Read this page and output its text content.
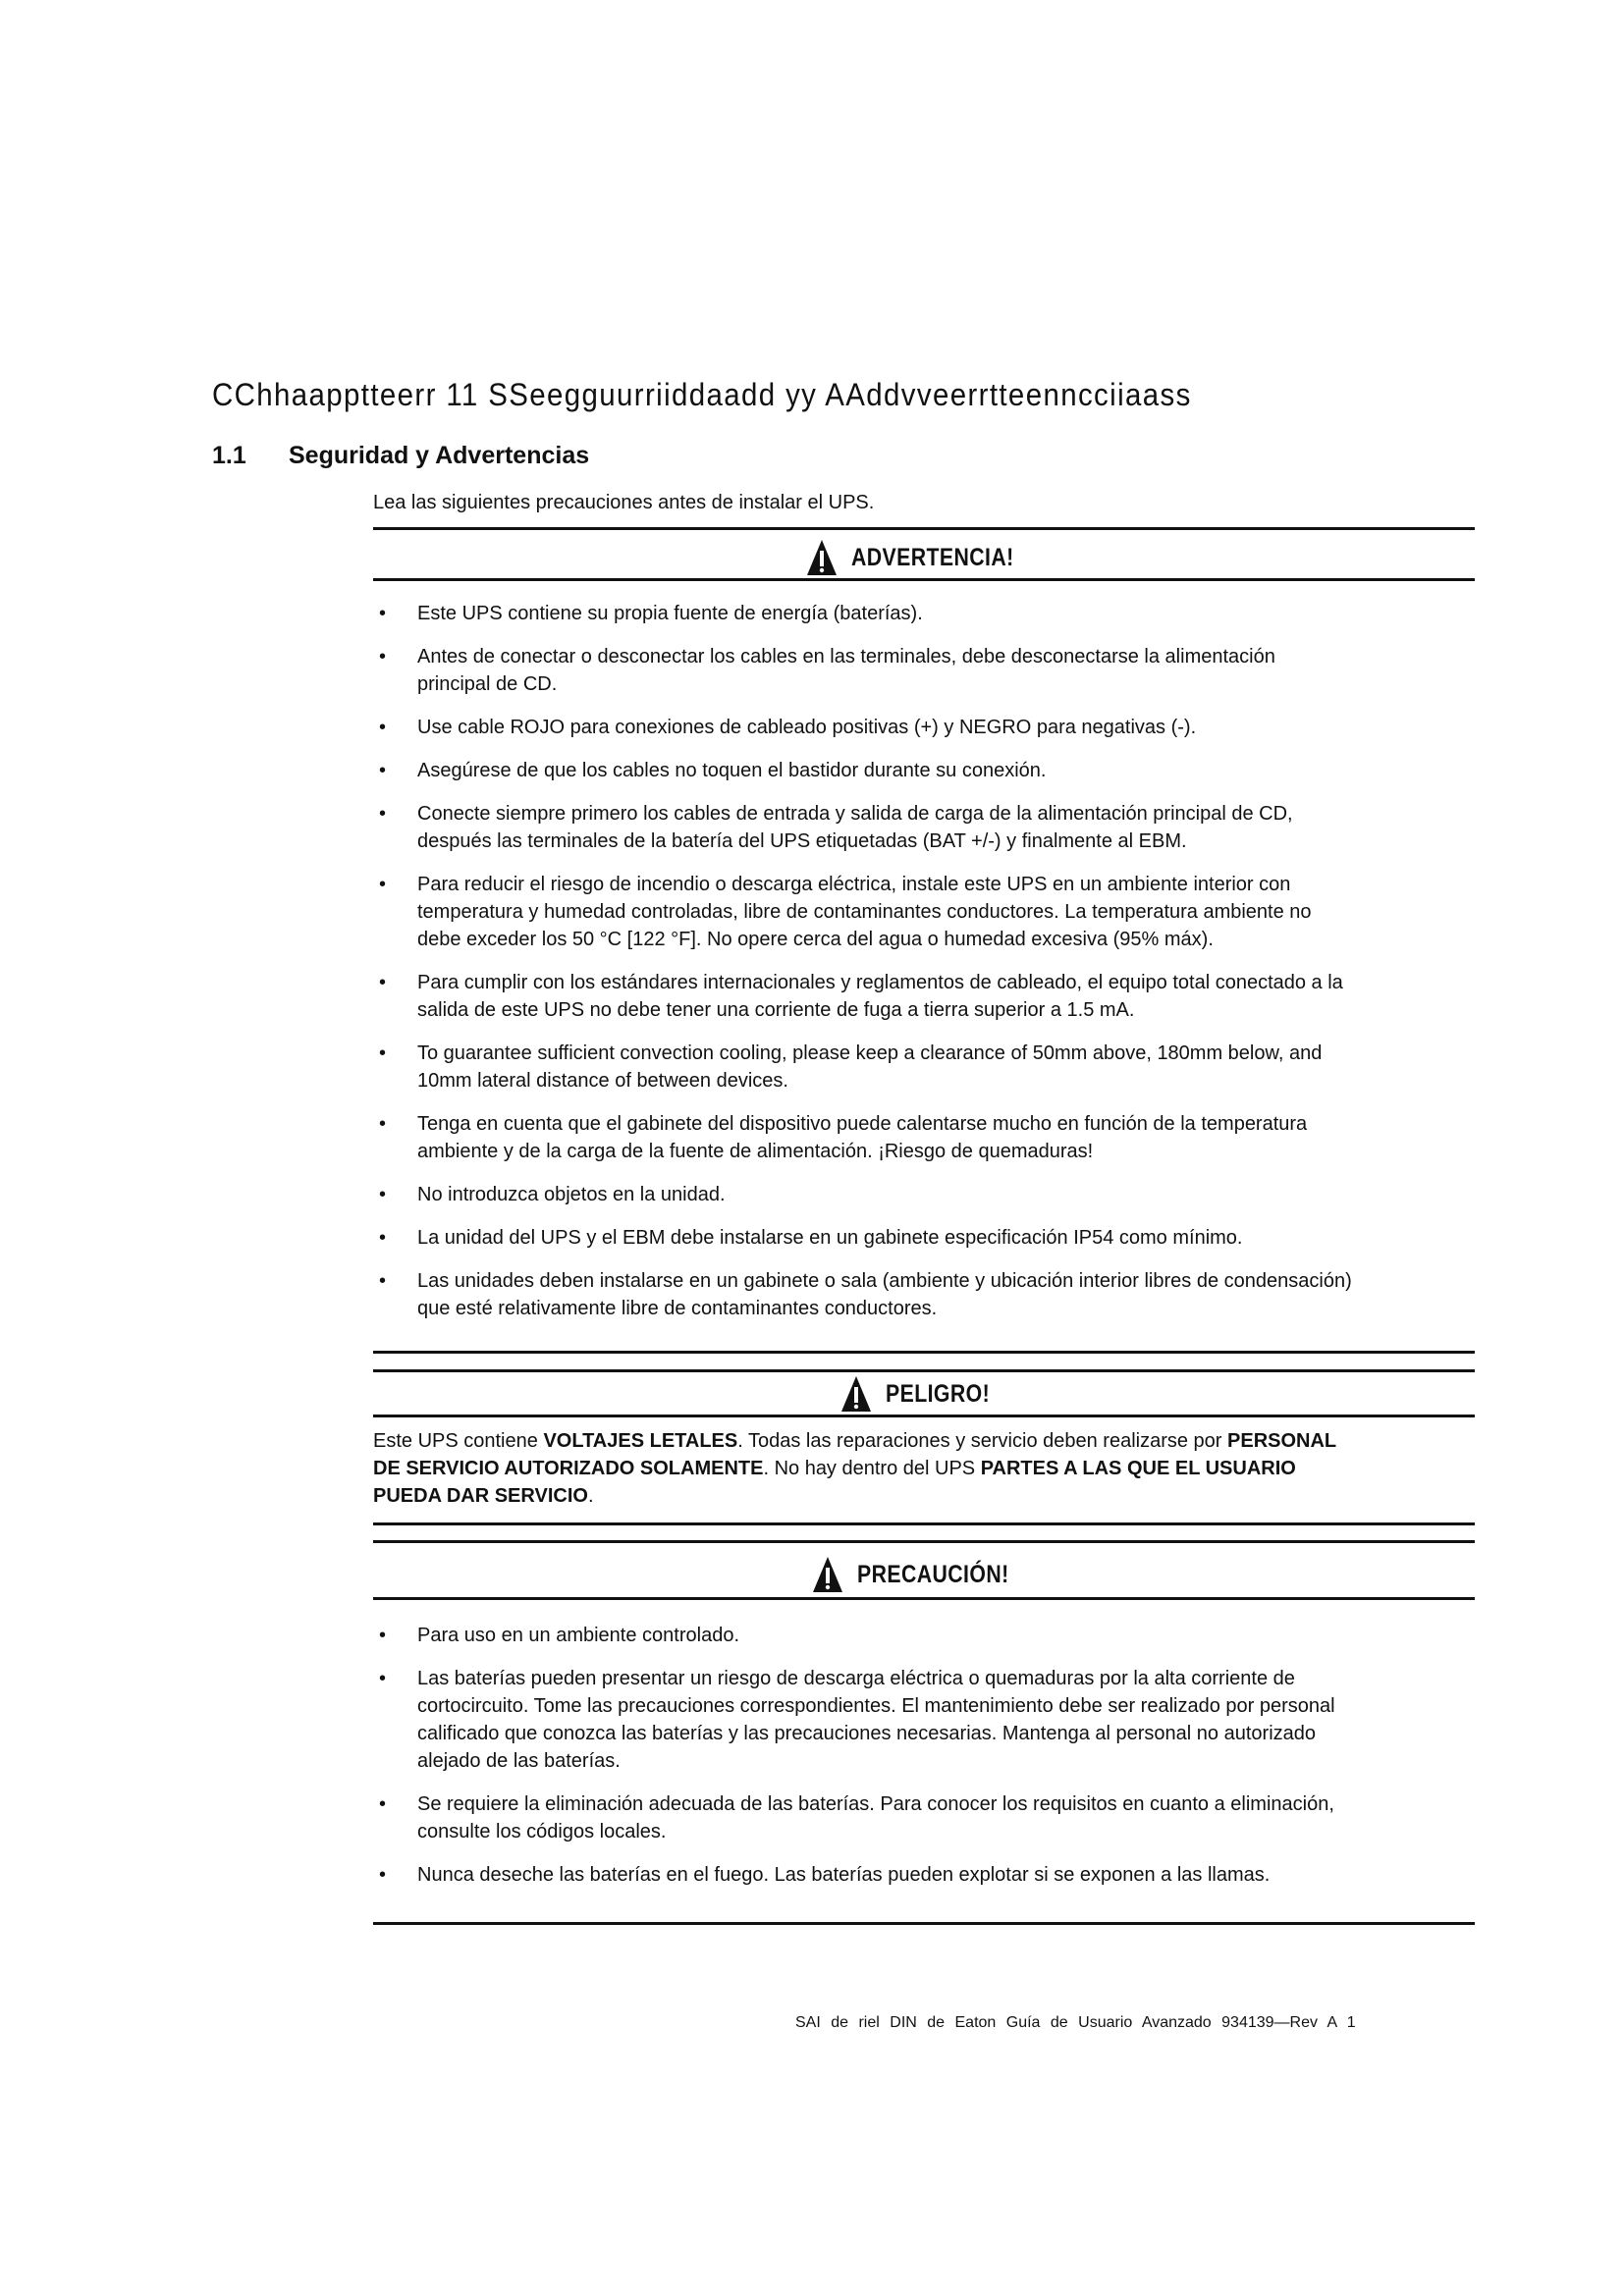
CChhaapptteerr 11 SSeegguurriiddaadd yy AAddvveerrtteenncciiaass
1.1 Seguridad y Advertencias
Lea las siguientes precauciones antes de instalar el UPS.
ADVERTENCIA!
• Este UPS contiene su propia fuente de energía (baterías).
• Antes de conectar o desconectar los cables en las terminales, debe desconectarse la alimentación
principal de CD.
• Use cable ROJO para conexiones de cableado positivas (+) y NEGRO para negativas (-).
• Asegúrese de que los cables no toquen el bastidor durante su conexión.
• Conecte siempre primero los cables de entrada y salida de carga de la alimentación principal de CD,
después las terminales de la batería del UPS etiquetadas (BAT +/-) y finalmente al EBM.
• Para reducir el riesgo de incendio o descarga eléctrica, instale este UPS en un ambiente interior con
temperatura y humedad controladas, libre de contaminantes conductores. La temperatura ambiente no
debe exceder los 50 °C [122 °F]. No opere cerca del agua o humedad excesiva (95% máx).
• Para cumplir con los estándares internacionales y reglamentos de cableado, el equipo total conectado a la
salida de este UPS no debe tener una corriente de fuga a tierra superior a 1.5 mA.
• To guarantee sufficient convection cooling, please keep a clearance of 50mm above, 180mm below, and
10mm lateral distance of between devices.
• Tenga en cuenta que el gabinete del dispositivo puede calentarse mucho en función de la temperatura
ambiente y de la carga de la fuente de alimentación. ¡Riesgo de quemaduras!
• No introduzca objetos en la unidad.
• La unidad del UPS y el EBM debe instalarse en un gabinete especificación IP54 como mínimo.
• Las unidades deben instalarse en un gabinete o sala (ambiente y ubicación interior libres de condensación)
que esté relativamente libre de contaminantes conductores.
PELIGRO!
Este UPS contiene VOLTAJES LETALES. Todas las reparaciones y servicio deben realizarse por PERSONAL
DE SERVICIO AUTORIZADO SOLAMENTE. No hay dentro del UPS PARTES A LAS QUE EL USUARIO
PUEDA DAR SERVICIO.
PRECAUCIÓN!
• Para uso en un ambiente controlado.
• Las baterías pueden presentar un riesgo de descarga eléctrica o quemaduras por la alta corriente de
cortocircuito. Tome las precauciones correspondientes. El mantenimiento debe ser realizado por personal
calificado que conozca las baterías y las precauciones necesarias. Mantenga al personal no autorizado
alejado de las baterías.
• Se requiere la eliminación adecuada de las baterías. Para conocer los requisitos en cuanto a eliminación,
consulte los códigos locales.
• Nunca deseche las baterías en el fuego. Las baterías pueden explotar si se exponen a las llamas.
SAI de riel DIN de Eaton Guía de Usuario Avanzado 934139—Rev A 1
